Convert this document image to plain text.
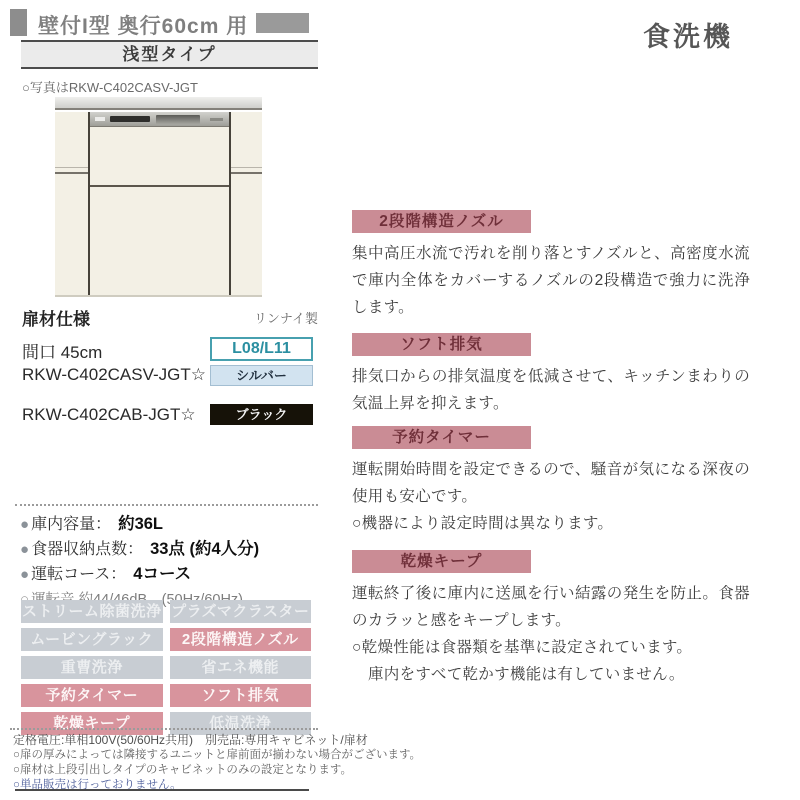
壁付I型 奥行60cm 用	食洗機
浅型タイプ
○写真はRKW-C402CASV-JGT
扉材仕様	リンナイ製
間口 45cm	L08/L11
RKW-C402CASV-JGT☆	シルバー
RKW-C402CAB-JGT☆	ブラック
● 庫内容量： 約36L
● 食器収納点数： 33点 (約4人分)
● 運転コース： 4コース
ストリーム除菌洗浄 プラズマクラスター
ムービングラック	2段階構造ノズル
重曹洗浄	省エネ機能
予約タイマー	ソフト排気
乾燥キープ	低温洗浄
定格電圧:単相100V(50/60Hz共用)　別売品:専用キャビネット/扉材
○扉の厚みによっては隣接するユニットと扉前面が揃わない場合がございます。
○扉材は上段引出しタイプのキャビネットのみの設定となります。
○単品販売は行っておりません。
2段階構造ノズル
集中高圧水流で汚れを削り落とすノズルと、高密度水流で庫内全体をカバーするノズルの2段構造で強力に洗浄します。
ソフト排気
排気口からの排気温度を低減させて、キッチンまわりの気温上昇を抑えます。
予約タイマー
運転開始時間を設定できるので、騒音が気になる深夜の使用も安心です。
○機器により設定時間は異なります。
乾燥キープ
運転終了後に庫内に送風を行い結露の発生を防止。食器のカラッと感をキープします。
○乾燥性能は食器類を基準に設定されています。
庫内をすべて乾かす機能は有していません。
